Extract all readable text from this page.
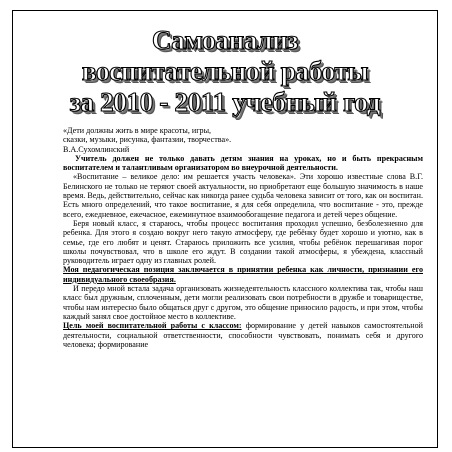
Самоанализ
воспитательной работы
за 2010 - 2011 учебный год

«Дети должны жить в мире красоты, игры,
сказки, музыки, рисунка, фантазии, творчества».
В.А.Сухомлинский

Учитель должен не только давать детям знания на уроках, но и быть прекрасным воспитателем и талантливым организатором во внеурочной деятельности.

«Воспитание – великое дело: им решается участь человека». Эти хорошо известные слова В.Г. Белинского не только не теряют своей актуальности, но приобретают еще большую значимость в наше время. Ведь, действительно, сейчас как никогда ранее судьба человека зависит от того, как он воспитан. Есть много определений, что такое воспитание, я для себя определила, что воспитание - это, прежде всего, ежедневное, ежечасное, ежеминутное взаимообогащение педагога и детей через общение.

Беря новый класс, я стараюсь, чтобы процесс воспитания проходил успешно, безболезненно для ребенка. Для этого я создаю вокруг него такую атмосферу, где ребёнку будет хорошо и уютно, как в семье, где его любят и ценят. Стараюсь приложить все усилия, чтобы ребёнок перешагивая порог школы почувствовал, что в школе его ждут. В создании такой атмосферы, я убеждена, классный руководитель играет одну из главных ролей.

Моя педагогическая позиция заключается в принятии ребенка как личности, признании его индивидуального своеобразия.

И передо мной встала задача организовать жизнедеятельность классного коллектива так, чтобы наш класс был дружным, сплоченным, дети могли реализовать свои потребности в дружбе и товариществе, чтобы нам интересно было общаться друг с другом, это общение приносило радость, и при этом, чтобы каждый занял свое достойное место в коллективе.

Цель моей воспитательной работы с классом: формирование у детей навыков самостоятельной деятельности, социальной ответственности, способности чувствовать, понимать себя и другого человека; формирование
